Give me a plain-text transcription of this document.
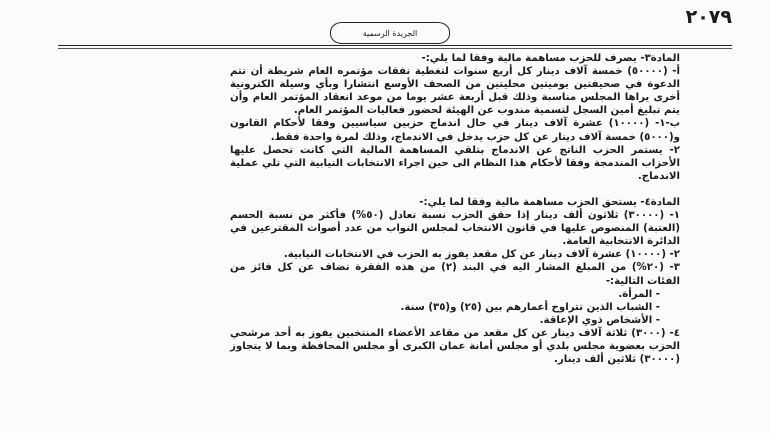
٢٠٧٩
الجريدة الرسمية

المادة٣- يصرف للحزب مساهمة مالية وفقا لما يلي:-

أ- (٥٠٠٠٠) خمسة آلاف دينار كل أربع سنوات لتغطية نفقات مؤتمره العام شريطة أن تتم الدعوة في صحيفتين يوميتين محليتين من الصحف الأوسع انتشارا وبأي وسيلة الكترونية أخرى يراها المجلس مناسبة وذلك قبل أربعة عشر يوما من موعد انعقاد المؤتمر العام وأن يتم تبليغ أمين السجل لتسمية مندوب عن الهيئة لحضور فعاليات المؤتمر العام.

ب-١- (١٠٠٠٠) عشرة آلاف دينار في حال اندماج حزبين سياسيين وفقا لأحكام القانون و(٥٠٠٠) خمسة آلاف دينار عن كل حزب يدخل في الاندماج، وذلك لمرة واحدة فقط.

٢- يستمر الحزب الناتج عن الاندماج بتلقي المساهمة المالية التي كانت تحصل عليها الأحزاب المندمجة وفقا لأحكام هذا النظام الى حين اجراء الانتخابات النيابية التي تلي عملية الاندماج.

المادة٤- يستحق الحزب مساهمة مالية وفقا لما يلي:-

١- (٣٠٠٠٠) ثلاثون ألف دينار إذا حقق الحزب نسبة تعادل (٥٠%) فأكثر من نسبة الحسم (العتبة) المنصوص عليها في قانون الانتخاب لمجلس النواب من عدد أصوات المقترعين في الدائرة الانتخابية العامة.

٢- (١٠٠٠٠) عشرة آلاف دينار عن كل مقعد يفوز به الحزب في الانتخابات النيابية.

٣- (٢٠%) من المبلغ المشار اليه في البند (٢) من هذه الفقرة تضاف عن كل فائز من الفئات التالية:-

- المرأة.

- الشباب الذين تتراوح أعمارهم بين (٢٥) و(٣٥) سنة.

- الأشخاص ذوي الإعاقة.

٤- (٣٠٠٠) ثلاثة آلاف دينار عن كل مقعد من مقاعد الأعضاء المنتخبين يفوز به أحد مرشحي الحزب بعضوية مجلس بلدي أو مجلس أمانة عمان الكبرى أو مجلس المحافظة وبما لا يتجاوز (٣٠٠٠٠) ثلاثين ألف دينار.
